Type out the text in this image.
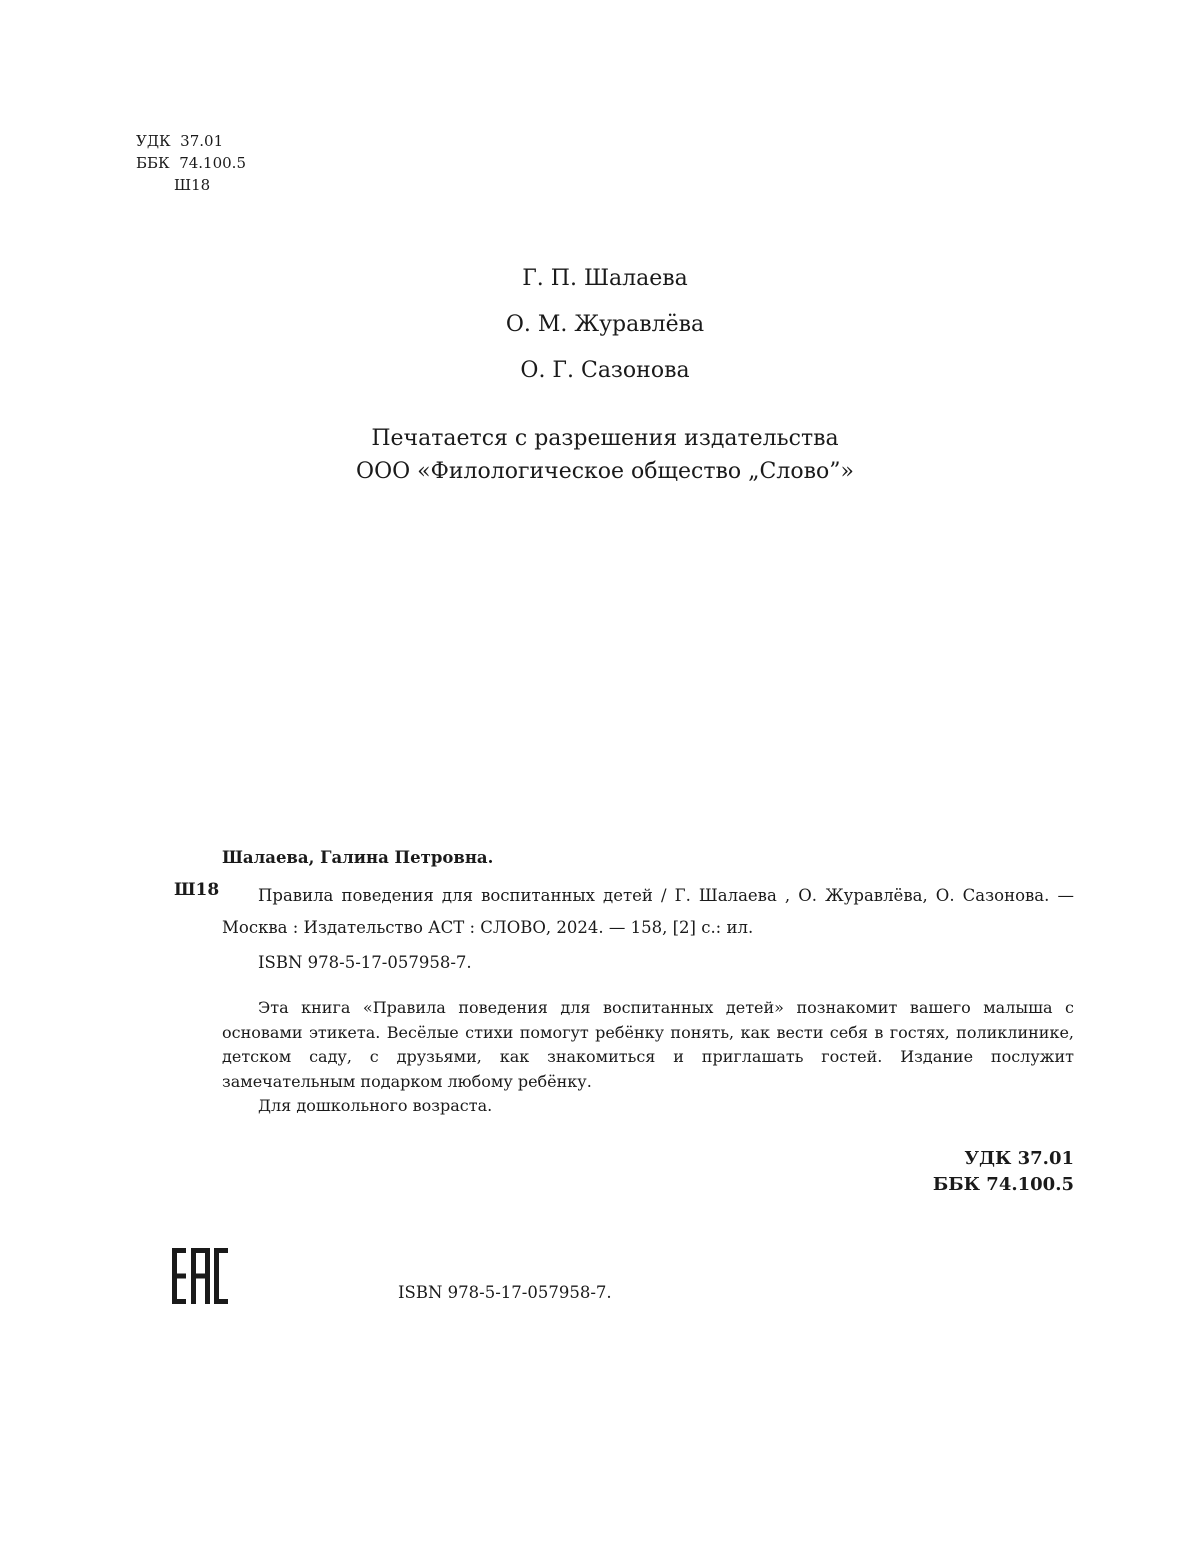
УДК  37.01
ББК  74.100.5
Ш18
Г. П. Шалаева
О. М. Журавлёва
О. Г. Сазонова
Печатается с разрешения издательства
ООО «Филологическое общество „Слово”»
Шалаева, Галина Петровна.
Ш18	Правила поведения для воспитанных детей / Г. Шалаева , О. Журавлёва, О. Сазонова. — Москва : Издательство АСТ : СЛОВО, 2024. — 158, [2] с.: ил.
ISBN 978-5-17-057958-7.

Эта книга «Правила поведения для воспитанных детей» познакомит вашего малыша с основами этикета. Весёлые стихи помогут ребёнку понять, как вести себя в гостях, поликлинике, детском саду, с друзьями, как знакомиться и приглашать гостей. Издание послужит замечательным подарком любому ребёнку.

Для дошкольного возраста.

УДК 37.01
ББК 74.100.5
ISBN 978-5-17-057958-7.
